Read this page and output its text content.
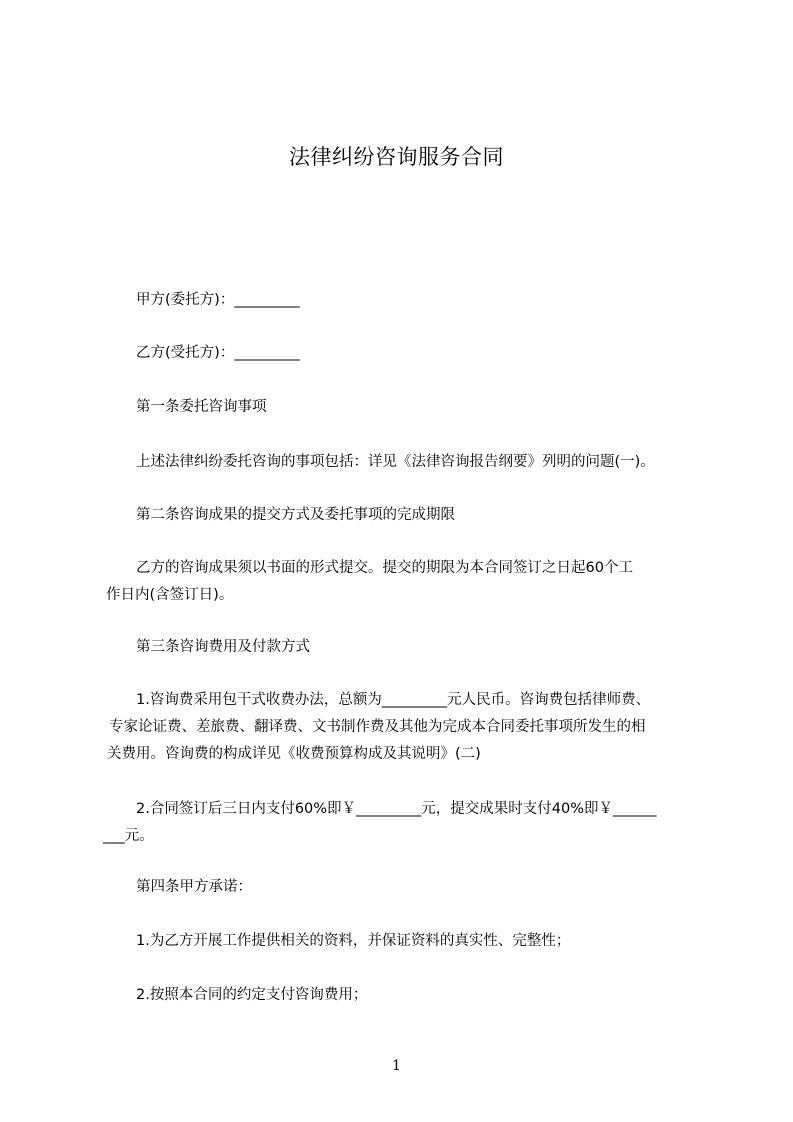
法律纠纷咨询服务合同
甲方(委托方)：_________
乙方(受托方)：_________
第一条委托咨询事项
上述法律纠纷委托咨询的事项包括：详见《法律咨询报告纲要》列明的问题(一)。
第二条咨询成果的提交方式及委托事项的完成期限
乙方的咨询成果须以书面的形式提交。提交的期限为本合同签订之日起60个工
作日内(含签订日)。
第三条咨询费用及付款方式
1.咨询费采用包干式收费办法，总额为_________元人民币。咨询费包括律师费、
专家论证费、差旅费、翻译费、文书制作费及其他为完成本合同委托事项所发生的相
关费用。咨询费的构成详见《收费预算构成及其说明》(二)
2.合同签订后三日内支付60%即￥_________元，提交成果时支付40%即￥______
___元。
第四条甲方承诺：
1.为乙方开展工作提供相关的资料，并保证资料的真实性、完整性；
2.按照本合同的约定支付咨询费用；
1
